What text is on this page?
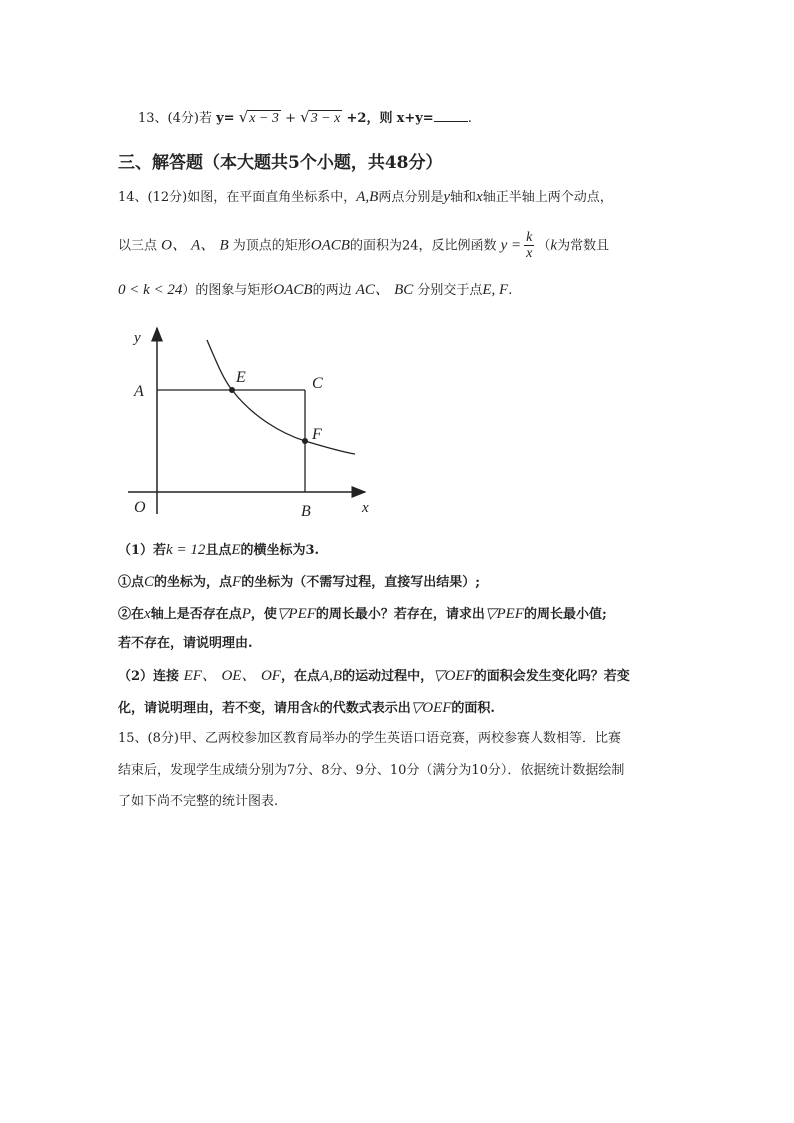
13、(4分)若 y= √x − 3 + √3 − x +2，则 x+y=	.
三、解答题（本大题共5个小题，共48分）
14、(12分)如图，在平面直角坐标系中，A,B两点分别是y轴和x轴正半轴上两个动点，
以三点 O、 A、 B 为顶点的矩形OACB的面积为24，反比例函数 $y = \frac{k}{x} (k$为常数且
0 < k < 24）的图象与矩形OACB的两边 AC、 BC 分别交于点E, F.
y
x
O
A
B
C
E
F
（1）若k = 12且点E的横坐标为3.
①点C的坐标为，点F的坐标为（不需写过程，直接写出结果）;
②在x轴上是否存在点P，使▽PEF的周长最小？若存在，请求出▽PEF的周长最小值;
若不存在，请说明理由.
（2）连接 EF、 OE、 OF，在点A,B的运动过程中，▽OEF的面积会发生变化吗？若变
化，请说明理由，若不变，请用含k的代数式表示出▽OEF的面积.
15、(8分)甲、乙两校参加区教育局举办的学生英语口语竞赛，两校参赛人数相等．比赛
结束后，发现学生成绩分别为7分、8分、9分、10分（满分为10分）．依据统计数据绘制
了如下尚不完整的统计图表.
